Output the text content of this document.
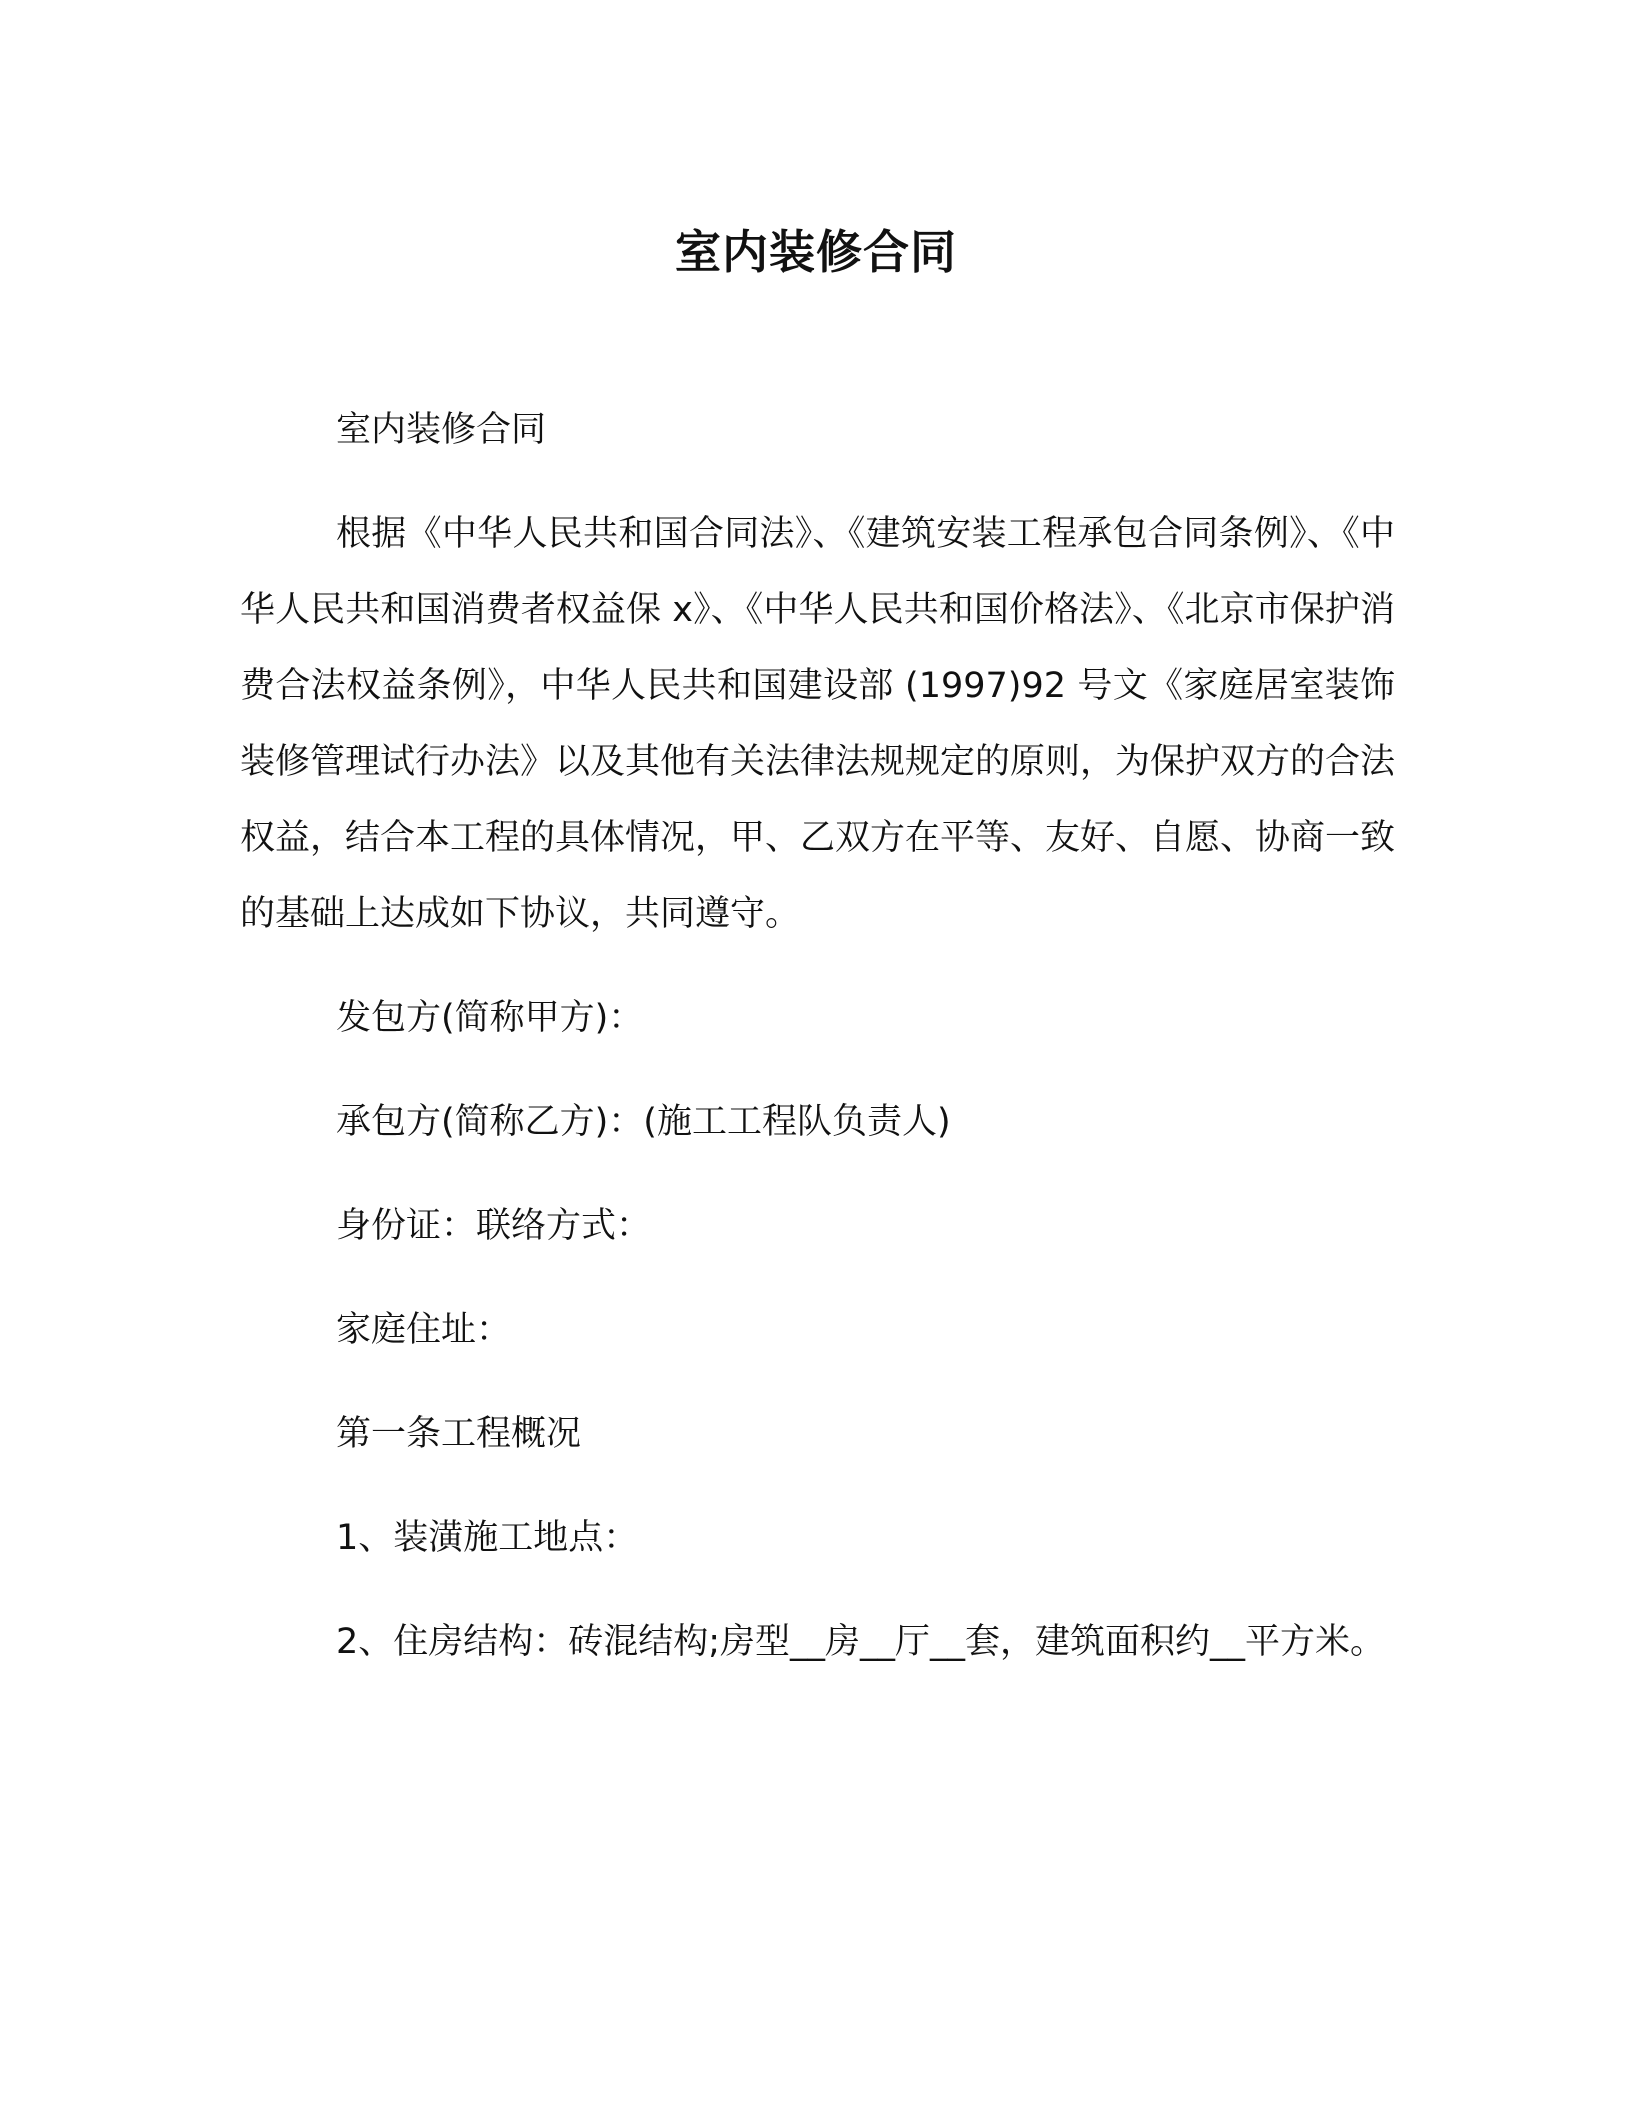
室内装修合同

室内装修合同

根据《中华人民共和国合同法》、《建筑安装工程承包合同条例》、《中华人民共和国消费者权益保 x》、《中华人民共和国价格法》、《北京市保护消费合法权益条例》，中华人民共和国建设部 (1997)92 号文《家庭居室装饰装修管理试行办法》以及其他有关法律法规规定的原则，为保护双方的合法权益，结合本工程的具体情况，甲、乙双方在平等、友好、自愿、协商一致的基础上达成如下协议，共同遵守。

发包方(简称甲方)：

承包方(简称乙方)：(施工工程队负责人)

身份证：联络方式：

家庭住址：

第一条工程概况

1、装潢施工地点：

2、住房结构：砖混结构;房型__房__厅__套，建筑面积约__平方米。
